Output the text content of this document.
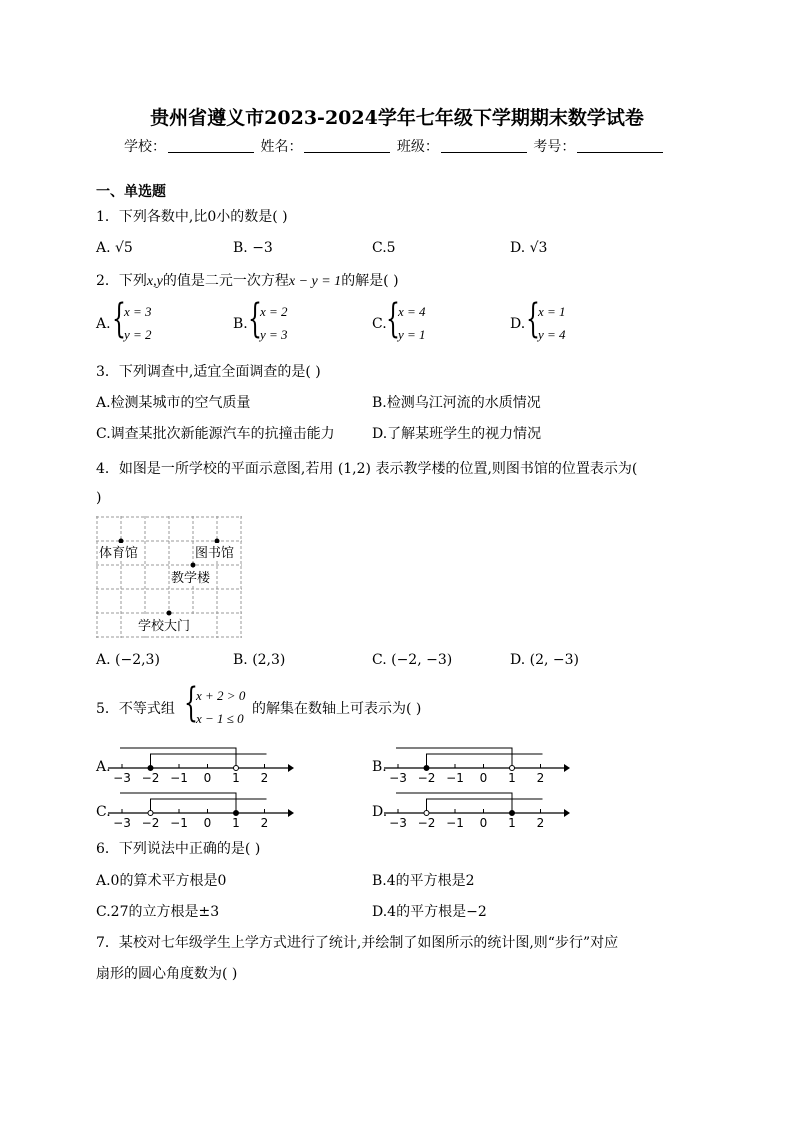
贵州省遵义市2023-2024学年七年级下学期期末数学试卷
学校：	姓名：	班级：	考号：
一、单选题
1．下列各数中,比0小的数是( )
A. √5	B. −3	C.5	D. √3
2．下列x,y的值是二元一次方程x − y = 1的解是( )
A. {
x = 3
y = 2
B. {
x = 2
y = 3
C. {
x = 4
y = 1
D. {
x = 1
y = 4
3．下列调查中,适宜全面调查的是( )
A.检测某城市的空气质量	B.检测乌江河流的水质情况
C.调查某批次新能源汽车的抗撞击能力	D.了解某班学生的视力情况
4．如图是一所学校的平面示意图,若用 (1,2) 表示教学楼的位置,则图书馆的位置表示为(
)
体育馆	图书馆
教学楼
学校大门
A. (−2,3)	B. (2,3)	C. (−2, −3)	D. (2, −3)
5．不等式组 {
x + 2 > 0
x − 1 ≤ 0
的解集在数轴上可表示为( )
A.	B.
C.	D.
−3 −2 −1 0 1 2	−3 −2 −1 0 1 2
−3 −2 −1 0 1 2	−3 −2 −1 0 1 2
6．下列说法中正确的是( )
A.0的算术平方根是0	B.4的平方根是2
C.27的立方根是±3	D.4的平方根是−2
7．某校对七年级学生上学方式进行了统计,并绘制了如图所示的统计图,则“步行”对应
扇形的圆心角度数为( )
